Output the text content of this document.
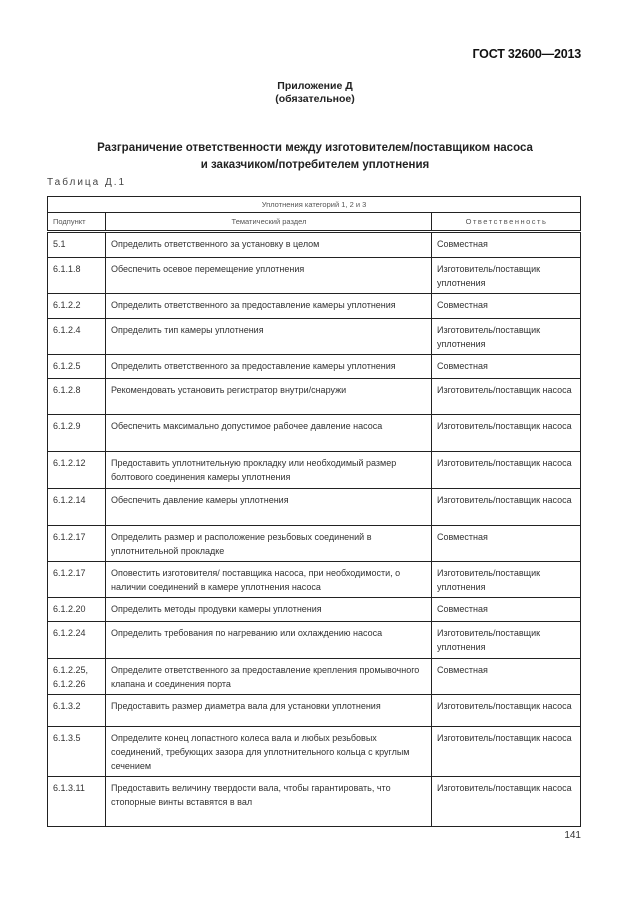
ГОСТ 32600—2013
Приложение Д
(обязательное)
Разграничение ответственности между изготовителем/поставщиком насоса
и заказчиком/потребителем уплотнения
Таблица Д.1
Уплотнения категорий 1, 2 и 3		
Подпункт	Тематический раздел	Ответственность
5.1	Определить ответственного за установку в целом	Совместная
6.1.1.8	Обеспечить осевое перемещение уплотнения	Изготовитель/поставщик уплотнения
6.1.2.2	Определить ответственного за предоставление камеры уплотнения	Совместная
6.1.2.4	Определить тип камеры уплотнения	Изготовитель/поставщик уплотнения
6.1.2.5	Определить ответственного за предоставление камеры уплотнения	Совместная
6.1.2.8	Рекомендовать установить регистратор внутри/снаружи	Изготовитель/поставщик насоса
6.1.2.9	Обеспечить максимально допустимое рабочее давление насоса	Изготовитель/поставщик насоса
6.1.2.12	Предоставить уплотнительную прокладку или необходимый размер болтового соединения камеры уплотнения	Изготовитель/поставщик насоса
6.1.2.14	Обеспечить давление камеры уплотнения	Изготовитель/поставщик насоса
6.1.2.17	Определить размер и расположение резьбовых соединений в уплотнительной прокладке	Совместная
6.1.2.17	Оповестить изготовителя/ поставщика насоса, при необходимости, о наличии соединений в камере уплотнения насоса	Изготовитель/поставщик уплотнения
6.1.2.20	Определить методы продувки камеры уплотнения	Совместная
6.1.2.24	Определить требования по нагреванию или охлаждению насоса	Изготовитель/поставщик уплотнения
6.1.2.25,
6.1.2.26	Определите ответственного за предоставление крепления промывочного клапана и соединения порта	Совместная
6.1.3.2	Предоставить размер диаметра вала для установки уплотнения	Изготовитель/поставщик насоса
6.1.3.5	Определите конец лопастного колеса вала и любых резьбовых соединений, требующих зазора для уплотнительного кольца с круглым сечением	Изготовитель/поставщик насоса
6.1.3.11	Предоставить величину твердости вала, чтобы гарантировать, что стопорные винты вставятся в вал	Изготовитель/поставщик насоса
141
